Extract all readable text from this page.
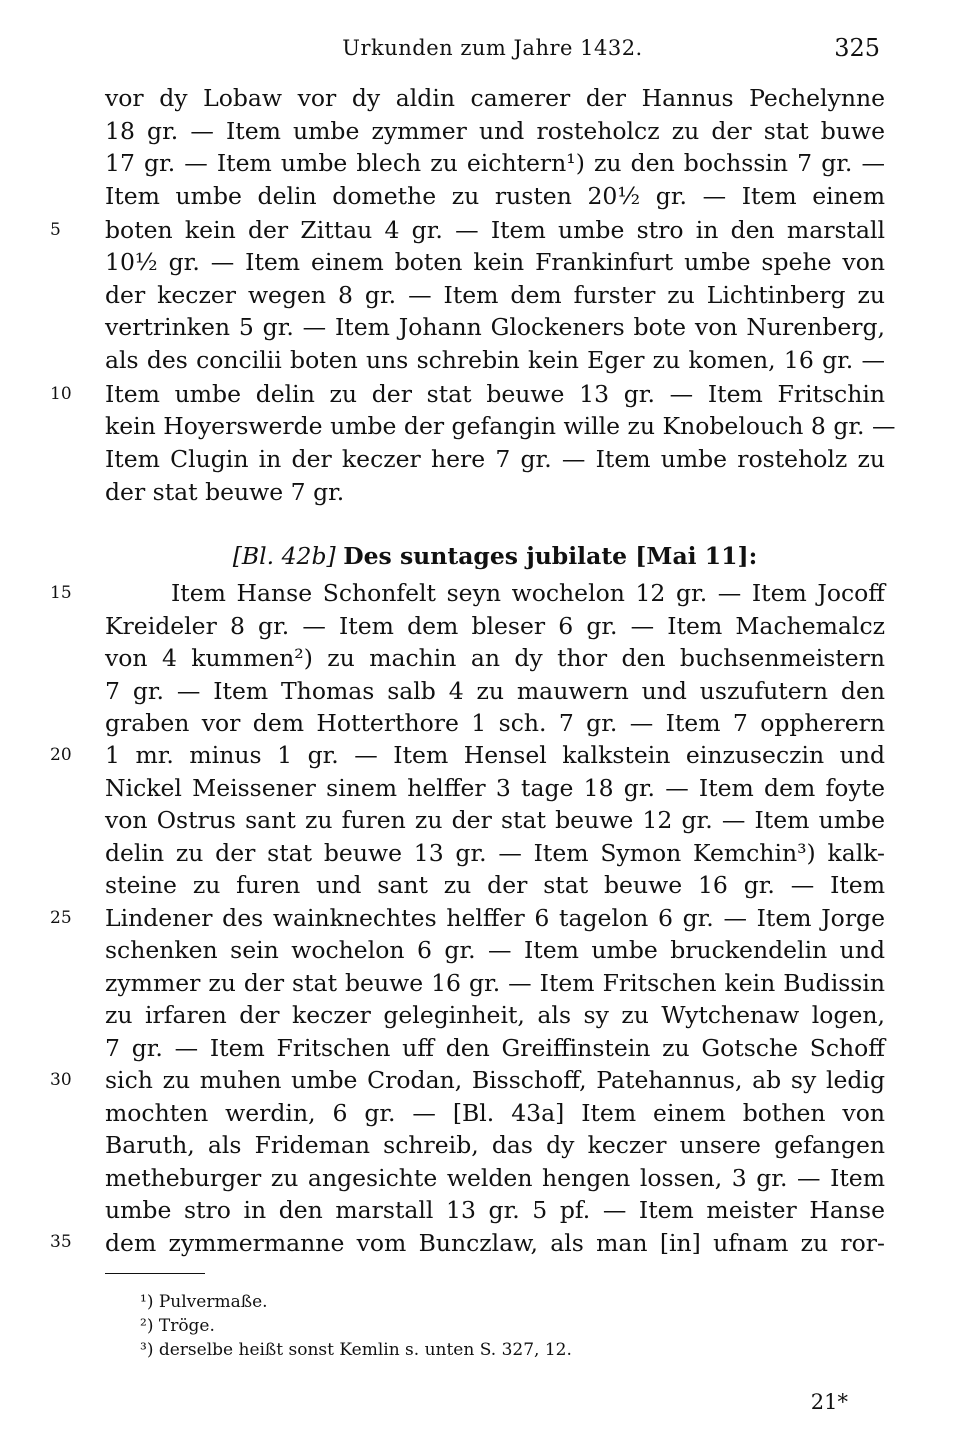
Urkunden zum Jahre 1432.	325
5
10
15
20
25
30
35
vor dy Lobaw vor dy aldin camerer der Hannus Pechelynne
18 gr. — Item umbe zymmer und rosteholcz zu der stat buwe
17 gr. — Item umbe blech zu eichtern¹) zu den bochssin 7 gr. —
Item umbe delin domethe zu rusten 20½ gr. — Item einem
boten kein der Zittau 4 gr. — Item umbe stro in den marstall
10½ gr. — Item einem boten kein Frankinfurt umbe spehe von
der keczer wegen 8 gr. — Item dem furster zu Lichtinberg zu
vertrinken 5 gr. — Item Johann Glockeners bote von Nurenberg,
als des concilii boten uns schrebin kein Eger zu komen, 16 gr. —
Item umbe delin zu der stat beuwe 13 gr. — Item Fritschin
kein Hoyerswerde umbe der gefangin wille zu Knobelouch 8 gr. —
Item Clugin in der keczer here 7 gr. — Item umbe rosteholz zu
der stat beuwe 7 gr.
[Bl. 42b] Des suntages jubilate [Mai 11]:
Item Hanse Schonfelt seyn wochelon 12 gr. — Item Jocoff
Kreideler 8 gr. — Item dem bleser 6 gr. — Item Machemalcz
von 4 kummen²) zu machin an dy thor den buchsenmeistern
7 gr. — Item Thomas salb 4 zu mauwern und uszufutern den
graben vor dem Hotterthore 1 sch. 7 gr. — Item 7 oppherern
1 mr. minus 1 gr. — Item Hensel kalkstein einzuseczin und
Nickel Meissener sinem helffer 3 tage 18 gr. — Item dem foyte
von Ostrus sant zu furen zu der stat beuwe 12 gr. — Item umbe
delin zu der stat beuwe 13 gr. — Item Symon Kemchin³) kalk-
steine zu furen und sant zu der stat beuwe 16 gr. — Item
Lindener des wainknechtes helffer 6 tagelon 6 gr. — Item Jorge
schenken sein wochelon 6 gr. — Item umbe bruckendelin und
zymmer zu der stat beuwe 16 gr. — Item Fritschen kein Budissin
zu irfaren der keczer geleginheit, als sy zu Wytchenaw logen,
7 gr. — Item Fritschen uff den Greiffinstein zu Gotsche Schoff
sich zu muhen umbe Crodan, Bisschoff, Patehannus, ab sy ledig
mochten werdin, 6 gr. — [Bl. 43a] Item einem bothen von
Baruth, als Frideman schreib, das dy keczer unsere gefangen
metheburger zu angesichte welden hengen lossen, 3 gr. — Item
umbe stro in den marstall 13 gr. 5 pf. — Item meister Hanse
dem zymmermanne vom Bunczlaw, als man [in] ufnam zu ror-
¹) Pulvermaße.
²) Tröge.
³) derselbe heißt sonst Kemlin s. unten S. 327, 12.
21*
